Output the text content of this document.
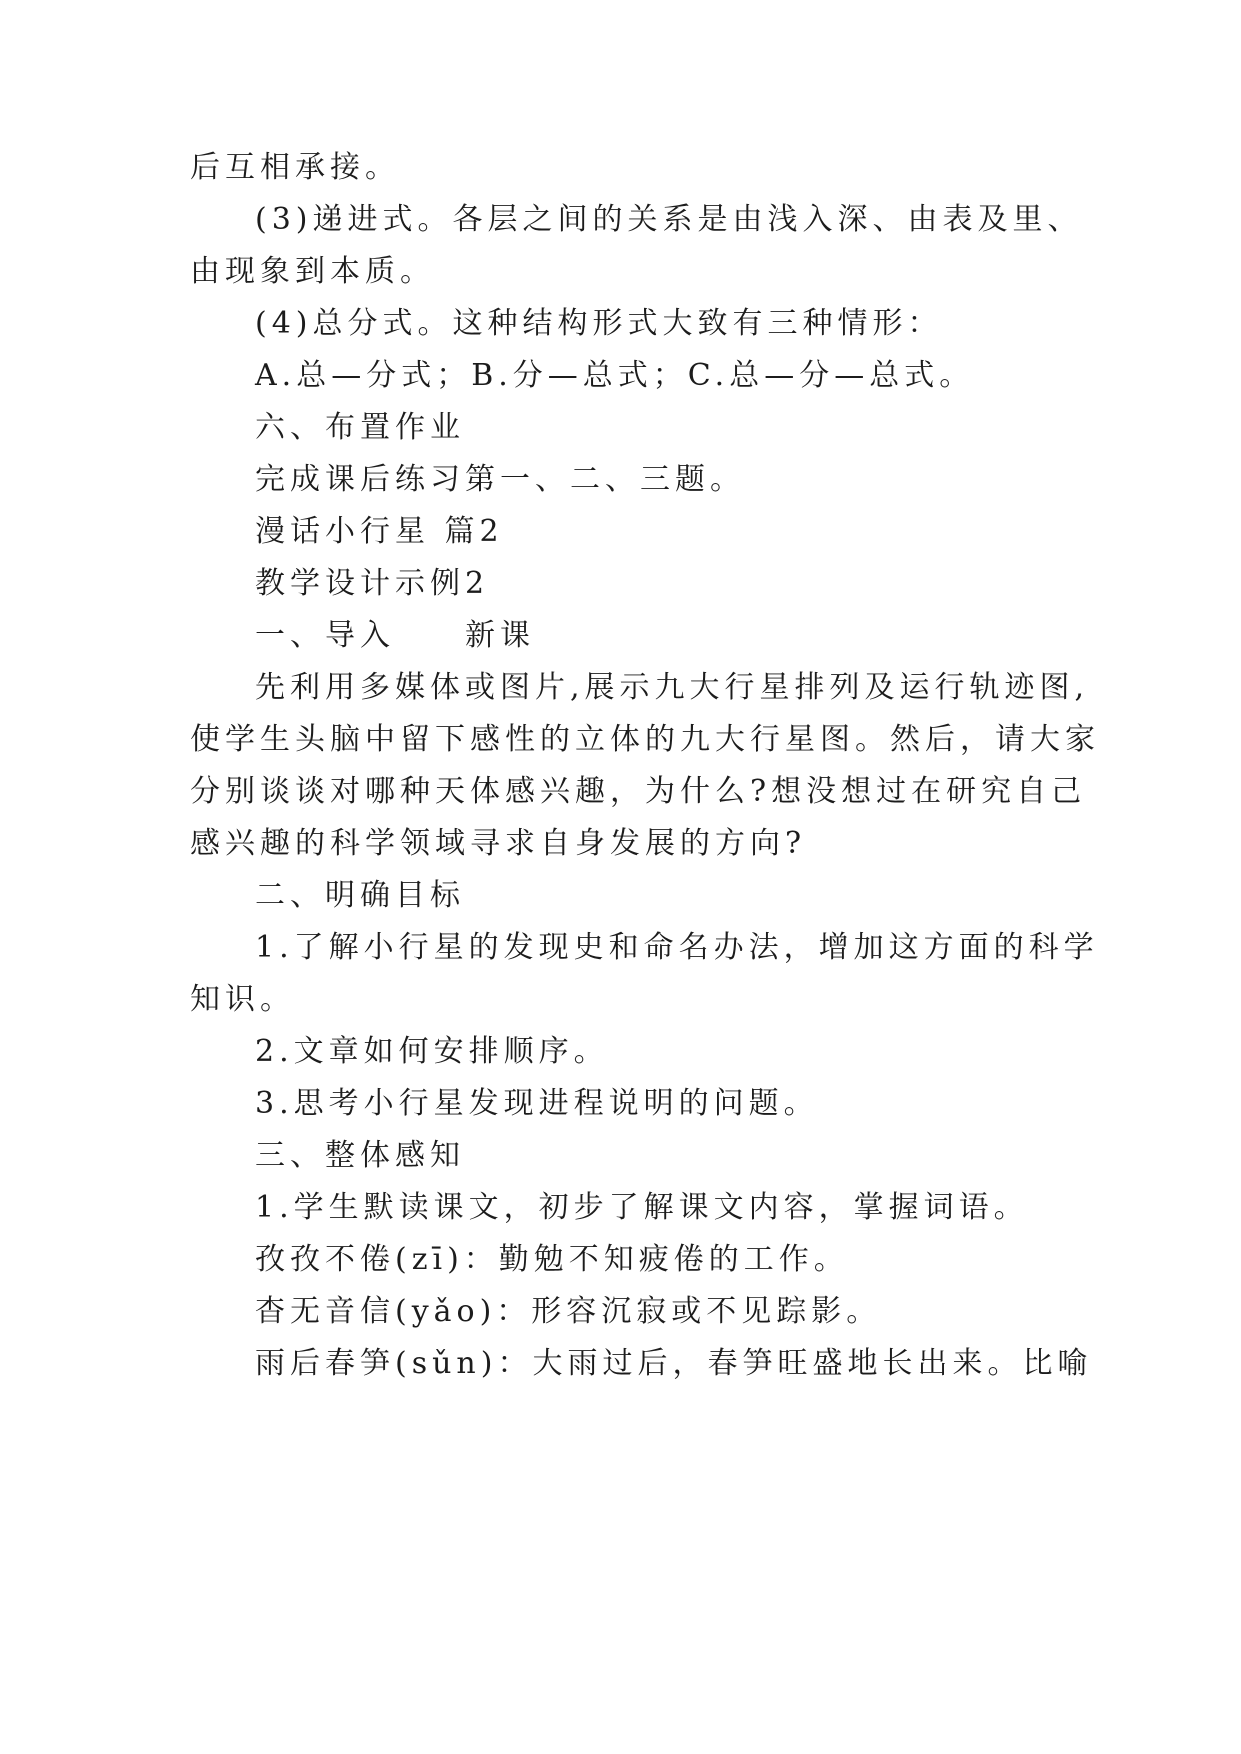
后互相承接。

(3)递进式。各层之间的关系是由浅入深、由表及里、

由现象到本质。

(4)总分式。这种结构形式大致有三种情形：

A.总—分式；B.分—总式；C.总—分—总式。

六、布置作业

完成课后练习第一、二、三题。

漫话小行星 篇2

教学设计示例2

一、导入　　新课

先利用多媒体或图片,展示九大行星排列及运行轨迹图,

使学生头脑中留下感性的立体的九大行星图。然后，请大家

分别谈谈对哪种天体感兴趣，为什么?想没想过在研究自己

感兴趣的科学领域寻求自身发展的方向?

二、明确目标

1.了解小行星的发现史和命名办法，增加这方面的科学

知识。

2.文章如何安排顺序。

3.思考小行星发现进程说明的问题。

三、整体感知

1.学生默读课文，初步了解课文内容，掌握词语。

孜孜不倦(zī)：勤勉不知疲倦的工作。

杳无音信(yǎo)：形容沉寂或不见踪影。

雨后春笋(sǔn)：大雨过后，春笋旺盛地长出来。比喻
